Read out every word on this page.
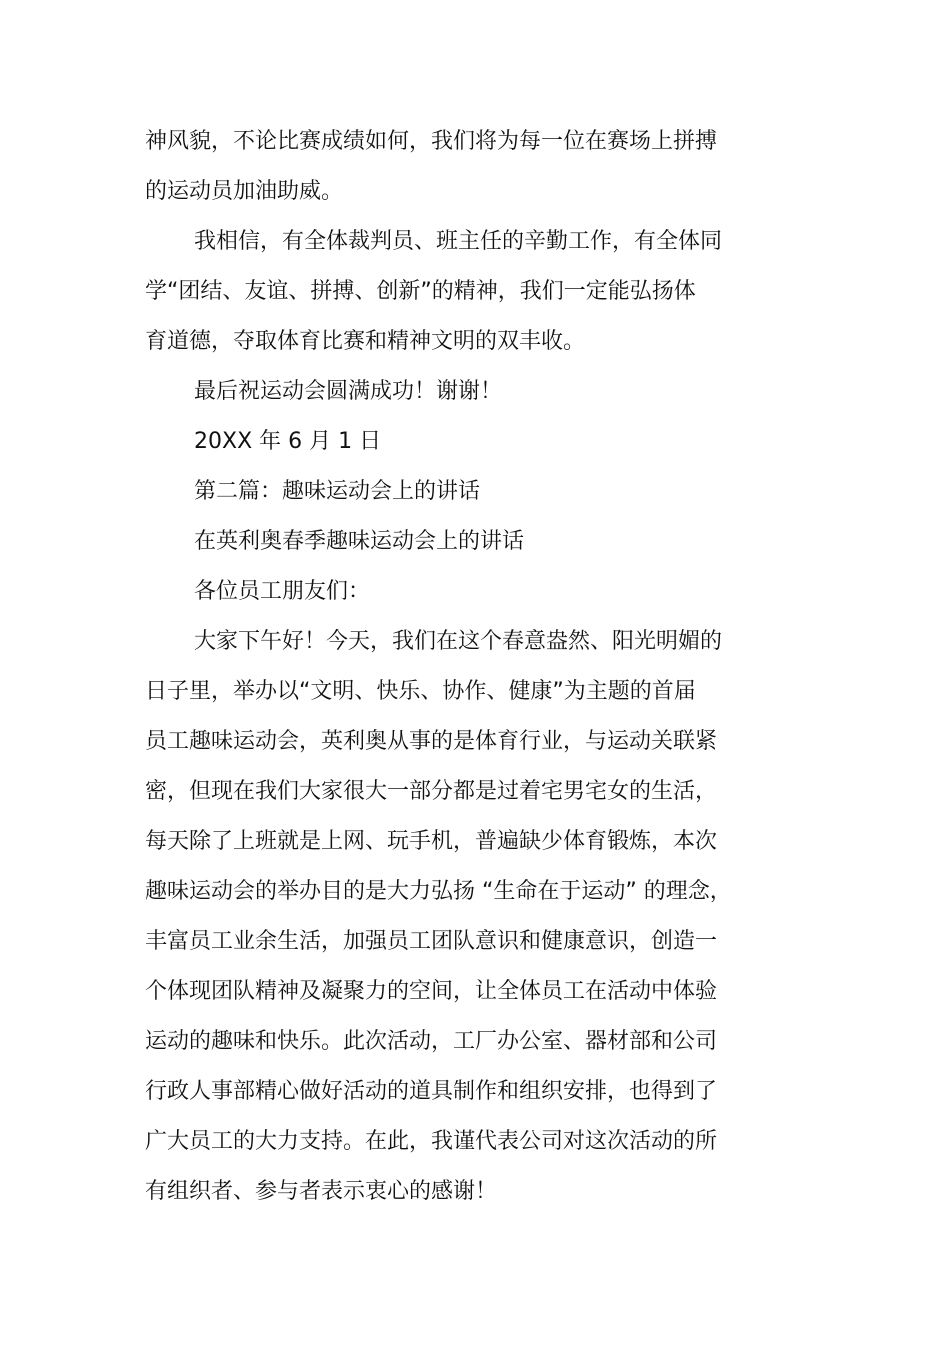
神风貌，不论比赛成绩如何，我们将为每一位在赛场上拼搏
的运动员加油助威。
我相信，有全体裁判员、班主任的辛勤工作，有全体同
学“团结、友谊、拼搏、创新”的精神，我们一定能弘扬体
育道德，夺取体育比赛和精神文明的双丰收。
最后祝运动会圆满成功！谢谢！
20XX 年 6 月 1 日
第二篇：趣味运动会上的讲话
在英利奥春季趣味运动会上的讲话
各位员工朋友们：
大家下午好！今天，我们在这个春意盎然、阳光明媚的
日子里，举办以“文明、快乐、协作、健康”为主题的首届
员工趣味运动会，英利奥从事的是体育行业，与运动关联紧
密，但现在我们大家很大一部分都是过着宅男宅女的生活，
每天除了上班就是上网、玩手机，普遍缺少体育锻炼，本次
趣味运动会的举办目的是大力弘扬 “生命在于运动” 的理念，
丰富员工业余生活，加强员工团队意识和健康意识，创造一
个体现团队精神及凝聚力的空间，让全体员工在活动中体验
运动的趣味和快乐。此次活动，工厂办公室、器材部和公司
行政人事部精心做好活动的道具制作和组织安排，也得到了
广大员工的大力支持。在此，我谨代表公司对这次活动的所
有组织者、参与者表示衷心的感谢！
